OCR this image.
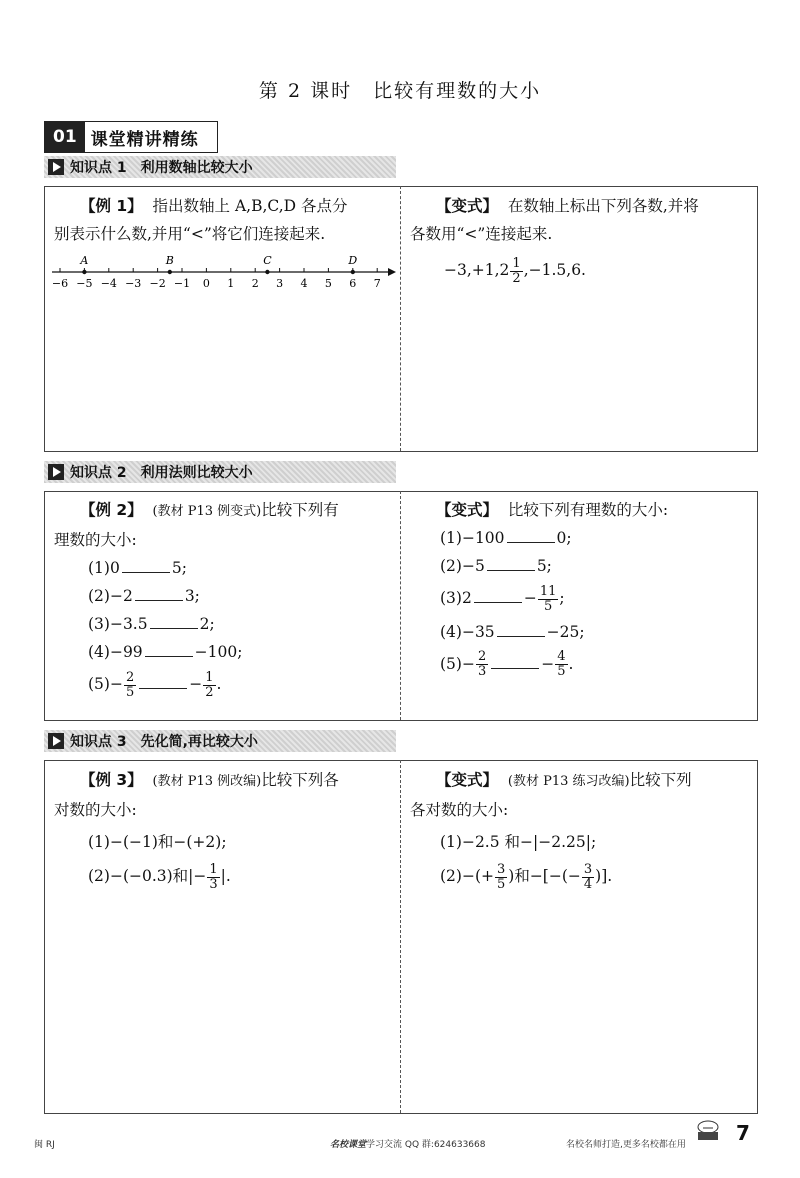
第 2 课时　比较有理数的大小
01 课堂精讲精练
知识点 1　利用数轴比较大小
【例 1】 指出数轴上 A,B,C,D 各点分
别表示什么数,并用“<”将它们连接起来.
−6 −5 −4 −3 −2 −1 0 1 2 3 4 5 6 7
A	B	C	D
【变式】 在数轴上标出下列各数,并将
各数用“<”连接起来.
$-3,+1,2 \frac{1}{2} ,-1.5,6$.
知识点 2　利用法则比较大小
【例 2】 (教材 P13 例变式)比较下列有
理数的大小:
(1)0	5;
(2)−2	3;
(3)−3.5	2;
(4)−99	−100;
$(5)- \frac{2}{5}$	− $\frac{1}{2}$ .
【变式】 比较下列有理数的大小:
(1)−100	0;
(2)−5	5;
(3)2	− $\frac{11}{5}$ ;
(4)−35	−25;
$(5)- \frac{2}{3}$	− $\frac{4}{5}$ .
知识点 3　先化简,再比较大小
【例 3】 (教材 P13 例改编)比较下列各
对数的大小:
(1)−(−1)和−(+2);
(2)−(−0.3)和|− $\frac{1}{3}$ |.
【变式】 (教材 P13 练习改编)比较下列
各对数的大小:
(1)−2.5 和−|−2.25|;
$(2)-(+ \frac{3}{5}$ )和−[−(− $\frac{3}{4}$ )].
闽 RJ	名校课堂学习交流 QQ 群:624633668	名校名师打造,更多名校都在用	7
